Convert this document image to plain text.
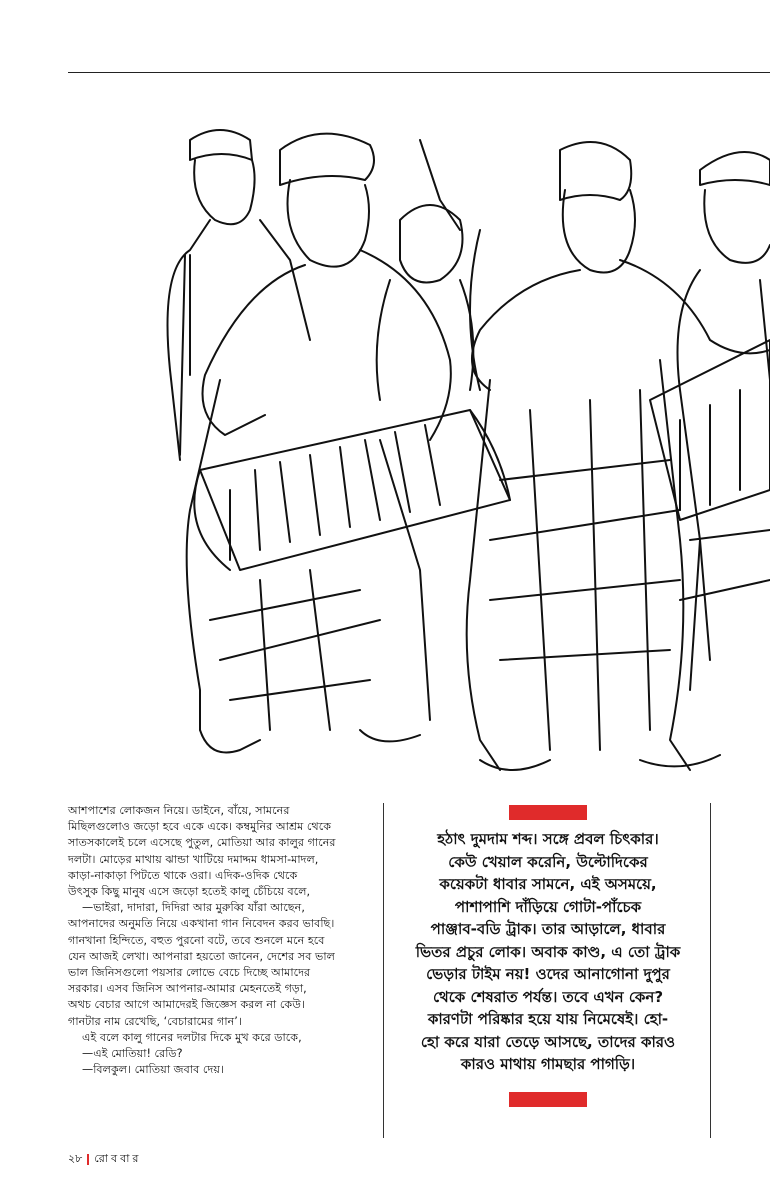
আশপাশের লোকজন নিয়ে। ডাইনে, বাঁয়ে, সামনের

মিছিলগুলোও জড়ো হবে একে একে। কম্বমুনির আশ্রম থেকে

সাতসকালেই চলে এসেছে পুতুল, মোতিয়া আর কালুর গানের

দলটা। মোড়ের মাথায় ঝান্ডা খাটিয়ে দমাদ্দম ধামসা-মাদল,

কাড়া-নাকাড়া পিটতে থাকে ওরা। এদিক-ওদিক থেকে

উৎসুক কিছু মানুষ এসে জড়ো হতেই কালু চেঁচিয়ে বলে,

—ভাইরা, দাদারা, দিদিরা আর মুরুব্বি যাঁরা আছেন,

আপনাদের অনুমতি নিয়ে একখানা গান নিবেদন করব ভাবছি।

গানখানা হিন্দিতে, বহুত পুরনো বটে, তবে শুনলে মনে হবে

যেন আজই লেখা। আপনারা হয়তো জানেন, দেশের সব ভাল

ভাল জিনিসগুলো পয়সার লোভে বেচে দিচ্ছে আমাদের

সরকার। এসব জিনিস আপনার-আমার মেহনতেই গড়া,

অথচ বেচার আগে আমাদেরই জিজ্ঞেস করল না কেউ।

গানটার নাম রেখেছি, ‘বেচারামের গান’।

এই বলে কালু গানের দলটার দিকে মুখ করে ডাকে,

—এই মোতিয়া! রেডি?

—বিলকুল। মোতিয়া জবাব দেয়।

হঠাৎ দুমদাম শব্দ। সঙ্গে প্রবল চিৎকার।
কেউ খেয়াল করেনি, উল্টোদিকের
কয়েকটা ধাবার সামনে, এই অসময়ে,
পাশাপাশি দাঁড়িয়ে গোটা-পাঁচেক
পাঞ্জাব-বডি ট্রাক। তার আড়ালে, ধাবার
ভিতর প্রচুর লোক। অবাক কাণ্ড, এ তো ট্রাক
ভেড়ার টাইম নয়! ওদের আনাগোনা দুপুর
থেকে শেষরাত পর্যন্ত। তবে এখন কেন?
কারণটা পরিষ্কার হয়ে যায় নিমেষেই। হো-
হো করে যারা তেড়ে আসছে, তাদের কারও
কারও মাথায় গামছার পাগড়ি।
২৮ রোববার
